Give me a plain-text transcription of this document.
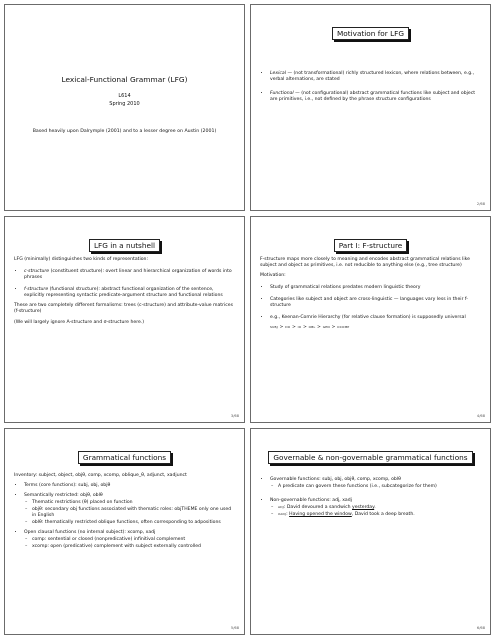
Lexical-Functional Grammar (LFG)
L614
Spring 2010
Based heavily upon Dalrymple (2001) and to a lesser degree on Austin (2001)
Motivation for LFG
• Lexical — (not transformational) richly structured lexicon, where relations between, e.g., verbal alternations, are stated
• Functional — (not configurational) abstract grammatical functions like subject and object are primitives, i.e., not defined by the phrase structure configurations
2/68
LFG in a nutshell

LFG (minimally) distinguishes two kinds of representation:

• c-structure (constituent structure): overt linear and hierarchical organization of words into phrases
• f-structure (functional structure): abstract functional organization of the sentence, explicitly representing syntactic predicate-argument structure and functional relations

These are two completely different formalisms: trees (c-structure) and attribute-value matrices (f-structure)

(We will largely ignore A-structure and σ-structure here.)

3/68
Part I: F-structure

F-structure maps more closely to meaning and encodes abstract grammatical relations like subject and object as primitives, i.e. not reducible to anything else (e.g., tree structure)

Motivation:

• Study of grammatical relations predates modern linguistic theory
• Categories like subject and object are cross-linguistic — languages vary less in their f-structure
• e.g., Keenan-Comrie Hierarchy (for relative clause formation) is supposedly universal

subj > do > io > obl > gen > ocomp

4/68
Grammatical functions

Inventory: subject, object, objθ, comp, xcomp, oblique_θ, adjunct, xadjunct

• Terms (core functions): subj, obj, objθ
• Semantically restricted: objθ, oblθ
– Thematic restrictions (θ) placed on function
– objθ: secondary obj functions associated with thematic roles: objTHEME only one used in English
– oblθ: thematically restricted oblique functions, often corresponding to adpositions
• Open clausal functions (no internal subject): xcomp, xadj
– comp: sentential or closed (nonpredicative) infinitival complement
– xcomp: open (predicative) complement with subject externally controlled
5/68
Governable & non-governable grammatical functions
• Governable functions: subj, obj, objθ, comp, xcomp, oblθ
– A predicate can govern these functions (i.e., subcategorize for them)
• Non-governable functions: adj, xadj
– adj: David devoured a sandwich yesterday.
– xadj: Having opened the window, David took a deep breath.
6/68
